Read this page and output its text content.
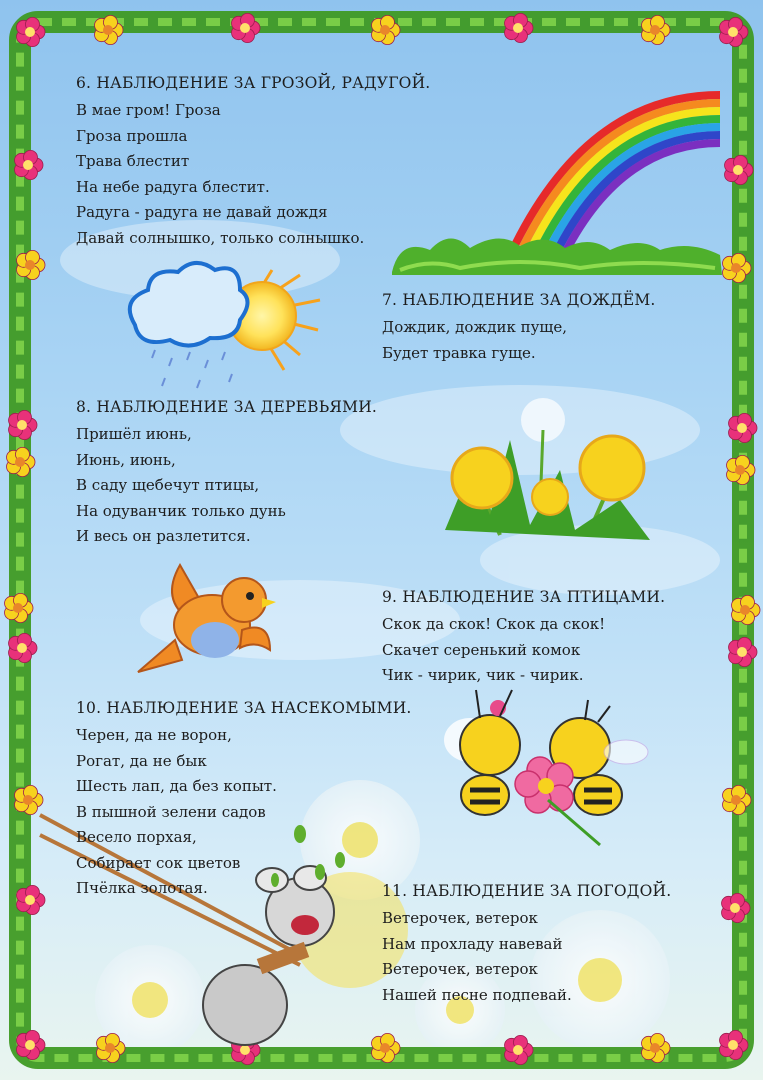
6. НАБЛЮДЕНИЕ ЗА ГРОЗОЙ, РАДУГОЙ.
В мае гром! Гроза
Гроза прошла
Трава блестит
На небе радуга блестит.
Радуга - радуга не давай дождя
Давай солнышко, только солнышко.
7. НАБЛЮДЕНИЕ ЗА ДОЖДЁМ.
Дождик, дождик пуще,
Будет травка гуще.
8. НАБЛЮДЕНИЕ ЗА ДЕРЕВЬЯМИ.
Пришёл июнь,
Июнь, июнь,
В саду щебечут птицы,
На одуванчик только дунь
И весь он разлетится.
9. НАБЛЮДЕНИЕ ЗА ПТИЦАМИ.
Скок да скок! Скок да скок!
Скачет серенький комок
Чик - чирик, чик - чирик.
10. НАБЛЮДЕНИЕ ЗА НАСЕКОМЫМИ.
Черен, да не ворон,
Рогат, да не бык
Шесть лап, да без копыт.
В пышной зелени садов
Весело порхая,
Собирает сок цветов
Пчёлка золотая.	11. НАБЛЮДЕНИЕ ЗА ПОГОДОЙ.
Ветерочек, ветерок
Нам прохладу навевай
Ветерочек, ветерок
Нашей песне подпевай.
